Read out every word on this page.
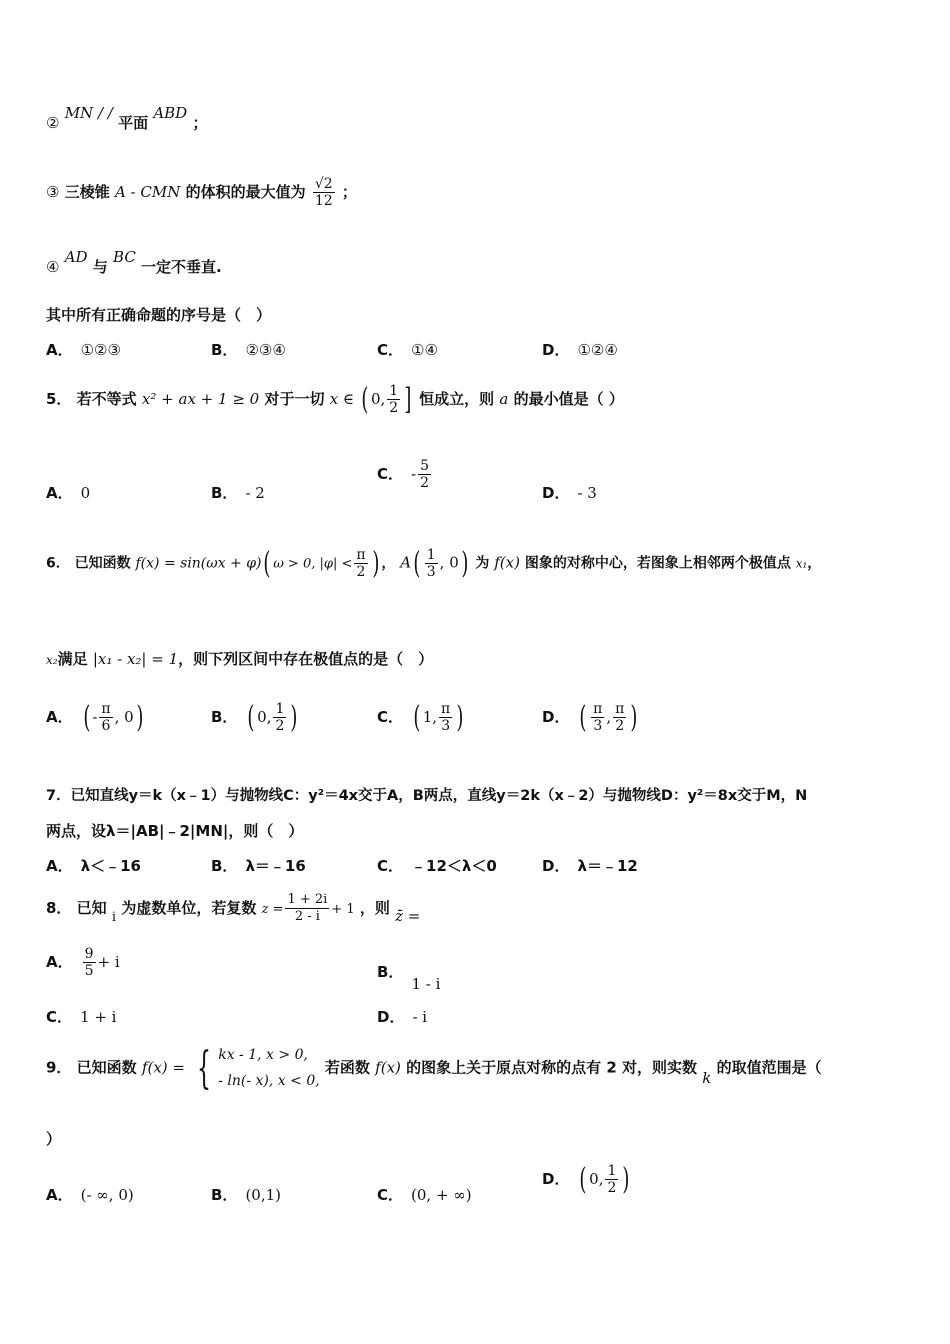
② MN / / 平面 ABD ；
③ 三棱锥 A - CMN 的体积的最大值为 $\frac{√2}{12}$ ；
④ AD 与 BC 一定不垂直.
其中所有正确命题的序号是（　）
A． ①②③	B． ②③④	C． ①④	D． ①②④
5． 若不等式 x² + ax + 1 ≥ 0 对于一切 x ∈ ( 0, $\frac{1}{2}$ ] 恒成立，则 a 的最小值是（ ）
A． 0	B． - 2
C． - $\frac{5}{2}$
D． - 3
6． 已知函数 f(x) = sin(ωx + φ)( ω > 0, $|\varphi| < \frac{\pi}{2}$ ) ， $A( \frac{1}{3}$ , 0) 为 f(x) 图象的对称中心，若图象上相邻两个极值点 x₁，
x₂满足 |x₁ - x₂| = 1，则下列区间中存在极值点的是（　）
A． ( - $\frac{\pi}{6}$ , 0)	B． ( 0, $\frac{1}{2}$ )	C． ( 1, $\frac{\pi}{3}$ )	D． ( $\frac{\pi}{3}$ , $\frac{\pi}{2}$ )
7．已知直线y＝k（x﹣1）与抛物线C：y²＝4x交于A，B两点，直线y＝2k（x﹣2）与抛物线D：y²＝8x交于M，N
两点，设λ＝|AB|﹣2|MN|，则（　）
A． λ＜﹣16	B． λ＝﹣16	C． ﹣12＜λ＜0	D． λ＝﹣12
8． 已知 i 为虚数单位，若复数 $z = \frac{1 + 2i}{2 - i} + 1$ ，则 z̄ =
A． $\frac{9}{5} + i$
B．1 - i
C． 1 + i	D． - i
9． 已知函数 f(x) = { kx - 1, x > 0,
- ln(- x), x < 0,
若函数 f(x) 的图象上关于原点对称的点有 2 对，则实数 k 的取值范围是（
）
A． (- ∞, 0)	B． (0,1)	C． (0, + ∞)
D． ( 0, $\frac{1}{2}$ )
